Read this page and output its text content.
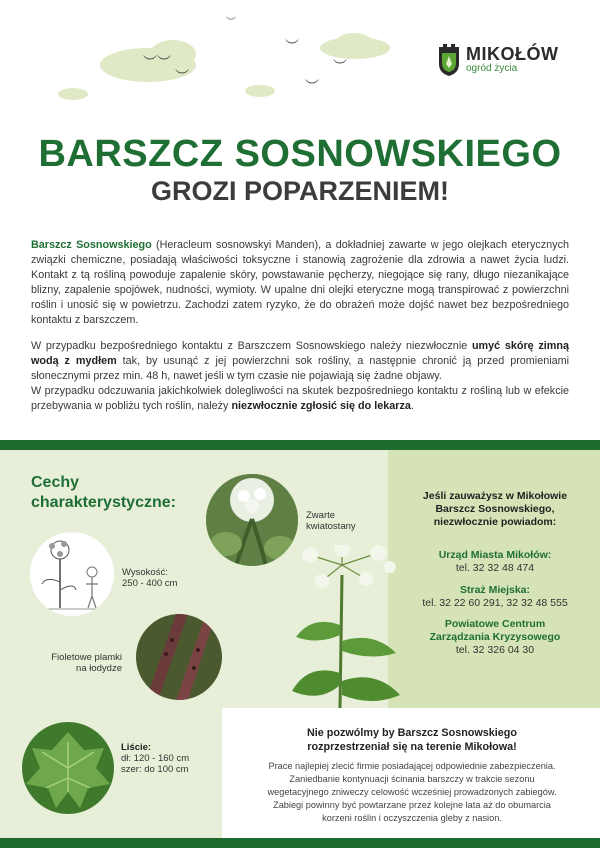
︶
︶︶
︶
︶
︶
︶
MIKOŁÓW
ogród życia
BARSZCZ SOSNOWSKIEGO
GROZI POPARZENIEM!

Barszcz Sosnowskiego (Heracleum sosnowskyi Manden), a dokładniej zawarte w jego olejkach eterycznych związki chemiczne, posiadają właściwości toksyczne i stanowią zagrożenie dla zdrowia a nawet życia ludzi. Kontakt z tą rośliną powoduje zapalenie skóry, powstawanie pęcherzy, niegojące się rany, długo niezanikające blizny, zapalenie spojówek, nudności, wymioty. W upalne dni olejki eteryczne mogą transpirować z powierzchni roślin i unosić się w powietrzu. Zachodzi zatem ryzyko, że do obrażeń może dojść nawet bez bezpośredniego kontaktu z barszczem.

W przypadku bezpośredniego kontaktu z Barszczem Sosnowskiego należy niezwłocznie umyć skórę zimną wodą z mydłem tak, by usunąć z jej powierzchni sok rośliny, a następnie chronić ją przed promieniami słonecznymi przez min. 48 h, nawet jeśli w tym czasie nie pojawiają się żadne objawy.
W przypadku odczuwania jakichkolwiek dolegliwości na skutek bezpośredniego kontaktu z rośliną lub w efekcie przebywania w pobliżu tych roślin, należy niezwłocznie zgłosić się do lekarza.

Cechy
charakterystyczne:
Zwarte
kwiatostany
Wysokość:
250 - 400 cm
Fioletowe plamki
na łodydze
Liście:
dł: 120 - 160 cm
szer: do 100 cm
Jeśli zauważysz w Mikołowie
Barszcz Sosnowskiego,
niezwłocznie powiadom:
Urząd Miasta Mikołów:
tel. 32 32 48 474
Straż Miejska:
tel. 32 22 60 291, 32 32 48 555
Powiatowe Centrum
Zarządzania Kryzysowego
tel. 32 326 04 30
Nie pozwólmy by Barszcz Sosnowskiego
rozprzestrzeniał się na terenie Mikołowa!
Prace najlepiej zlecić firmie posiadającej odpowiednie zabezpieczenia.
Zaniedbanie kontynuacji ścinania barszczy w trakcie sezonu
wegetacyjnego zniweczy celowość wcześniej prowadzonych zabiegów.
Zabiegi powinny być powtarzane przez kolejne lata aż do obumarcia
korzeni roślin i oczyszczenia gleby z nasion.
